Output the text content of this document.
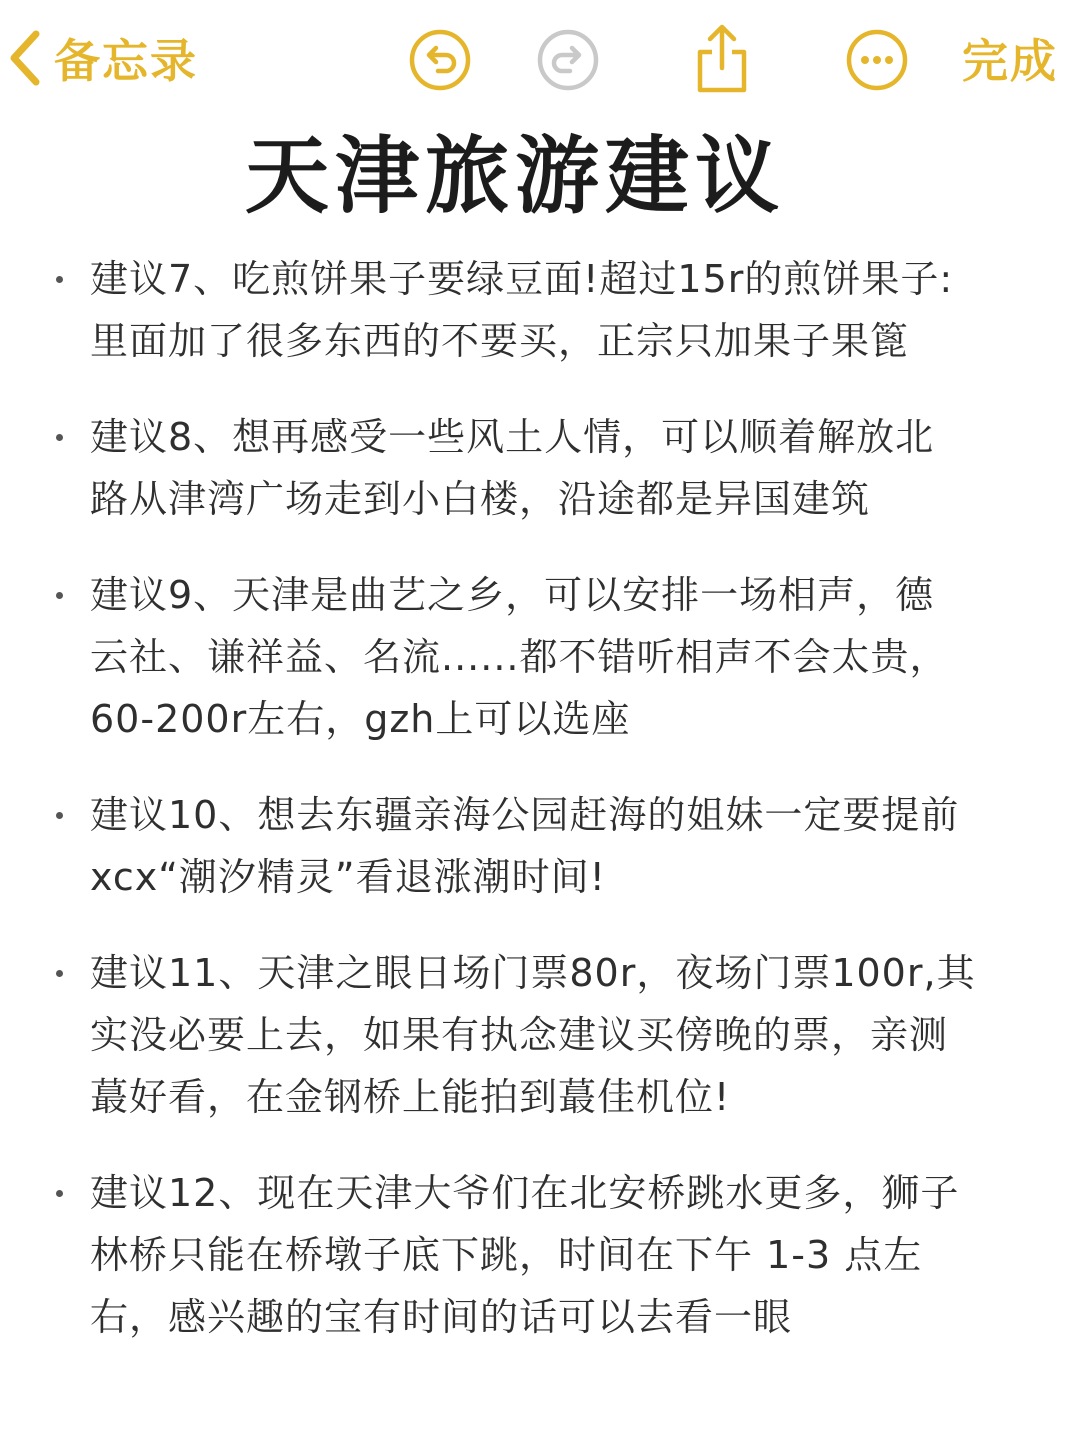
备忘录	完成
天津旅游建议
建议7、吃煎饼果子要绿豆面!超过15r的煎饼果子:
里面加了很多东西的不要买，正宗只加果子果篦
建议8、想再感受一些风土人情，可以顺着解放北
路从津湾广场走到小白楼，沿途都是异国建筑
建议9、天津是曲艺之乡，可以安排一场相声，德
云社、谦祥益、名流......都不错听相声不会太贵，
60-200r左右，gzh上可以选座
建议10、想去东疆亲海公园赶海的姐妹一定要提前
xcx“潮汐精灵”看退涨潮时间!
建议11、天津之眼日场门票80r，夜场门票100r,其
实没必要上去，如果有执念建议买傍晚的票，亲测
蕞好看，在金钢桥上能拍到蕞佳机位!
建议12、现在天津大爷们在北安桥跳水更多，狮子
林桥只能在桥墩子底下跳，时间在下午 1-3 点左
右，感兴趣的宝有时间的话可以去看一眼
